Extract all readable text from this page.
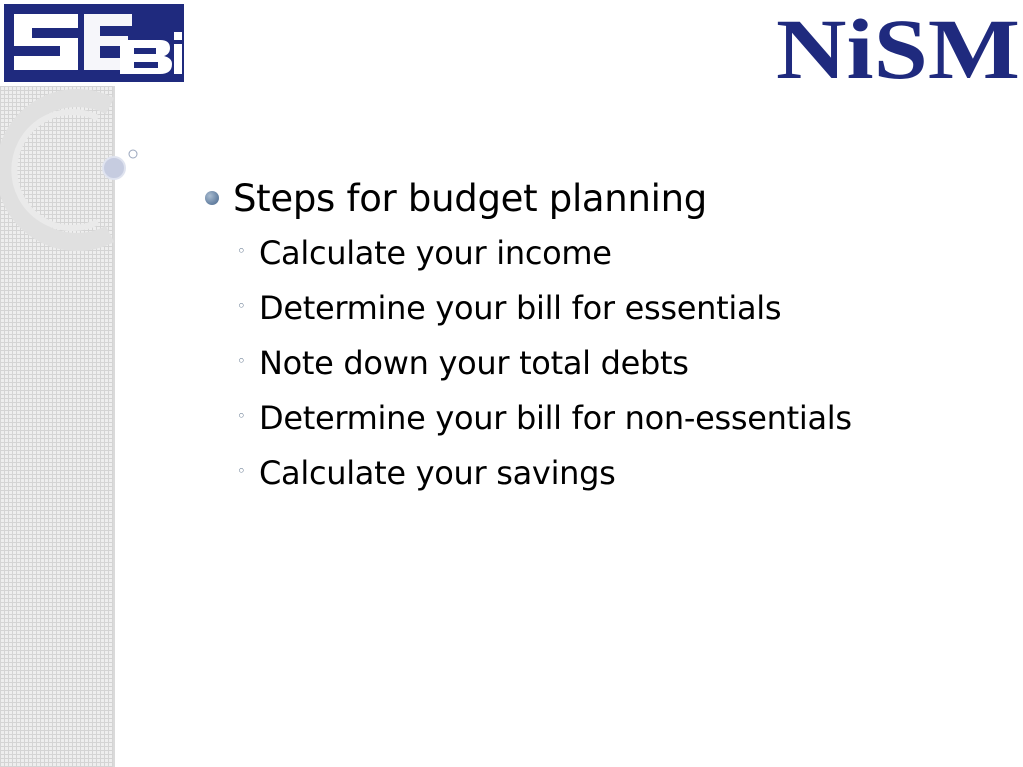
NiSM
Steps for budget planning
◦ Calculate your income
◦ Determine your bill for essentials
◦ Note down your total debts
◦ Determine your bill for non-essentials
◦ Calculate your savings
